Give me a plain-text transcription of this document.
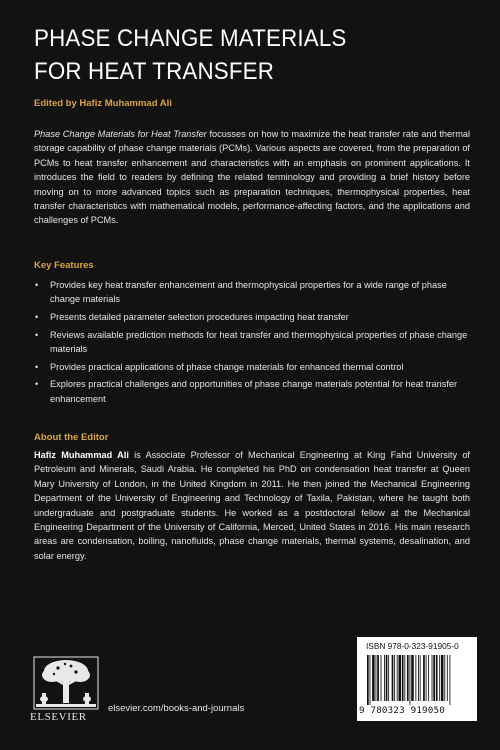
PHASE CHANGE MATERIALS
FOR HEAT TRANSFER
Edited by Hafiz Muhammad Ali

Phase Change Materials for Heat Transfer focusses on how to maximize the heat transfer rate and thermal storage capability of phase change materials (PCMs). Various aspects are covered, from the preparation of PCMs to heat transfer enhancement and characteristics with an emphasis on prominent applications. It introduces the field to readers by defining the related terminology and providing a brief history before moving on to more advanced topics such as preparation techniques, thermophysical properties, heat transfer characteristics with mathematical models, performance-affecting factors, and the applications and challenges of PCMs.

Key Features
• Provides key heat transfer enhancement and thermophysical properties for a wide range of phase change materials
• Presents detailed parameter selection procedures impacting heat transfer
• Reviews available prediction methods for heat transfer and thermophysical properties of phase change materials
• Provides practical applications of phase change materials for enhanced thermal control
• Explores practical challenges and opportunities of phase change materials potential for heat transfer enhancement
About the Editor

Hafiz Muhammad Ali is Associate Professor of Mechanical Engineering at King Fahd University of Petroleum and Minerals, Saudi Arabia. He completed his PhD on condensation heat transfer at Queen Mary University of London, in the United Kingdom in 2011. He then joined the Mechanical Engineering Department of the University of Engineering and Technology of Taxila, Pakistan, where he taught both undergraduate and postgraduate students. He worked as a postdoctoral fellow at the Mechanical Engineering Department of the University of California, Merced, United States in 2016. His main research areas are condensation, boiling, nanofluids, phase change materials, thermal systems, desalination, and solar energy.

ELSEVIER
elsevier.com/books-and-journals
ISBN 978-0-323-91905-0
9 780323 919050
